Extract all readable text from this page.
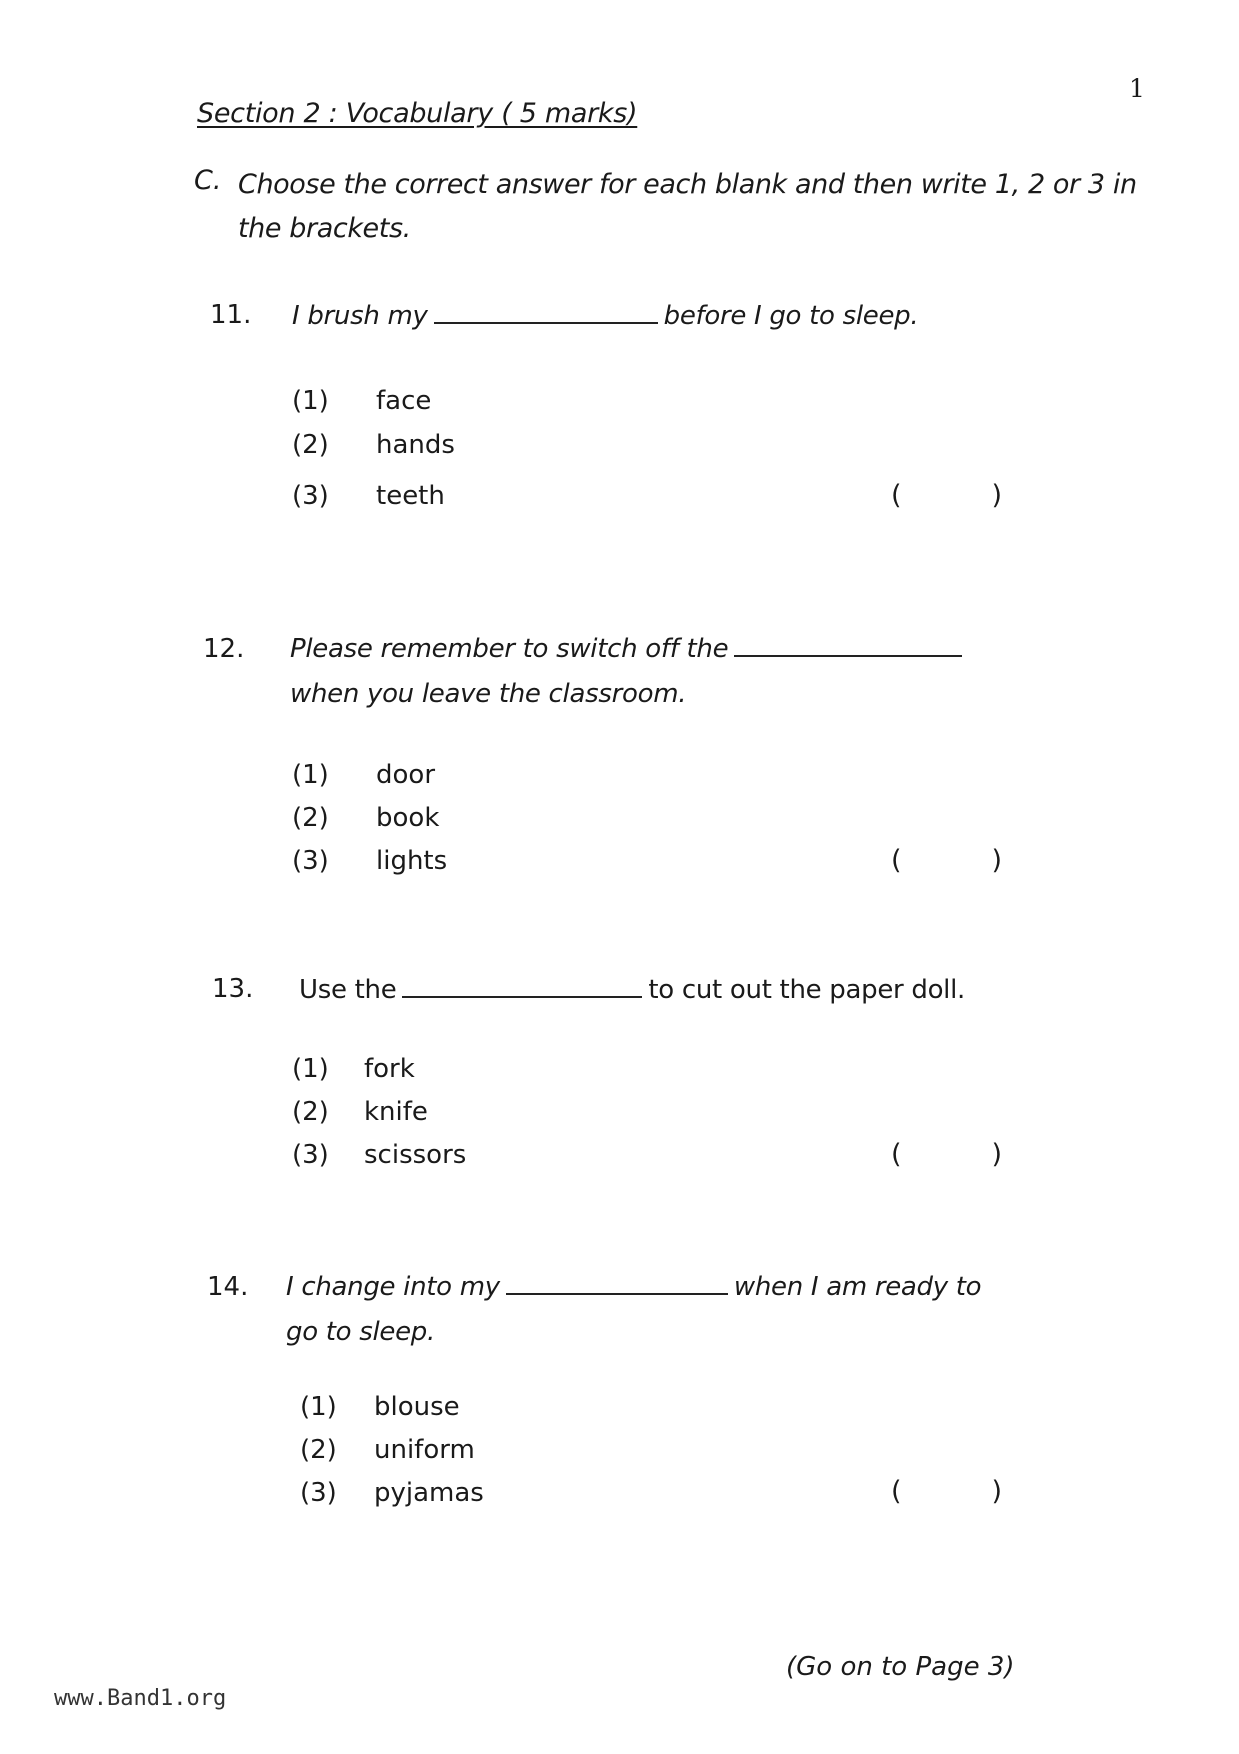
1
Section 2 : Vocabulary ( 5 marks)
C. Choose the correct answer for each blank and then write 1, 2 or 3 in the brackets.
11. I brush my	before I go to sleep.
(1) face
(2) hands
(3) teeth	(	)
12. Please remember to switch off the
when you leave the classroom.
(1) door
(2) book
(3) lights	(	)
13. Use the	to cut out the paper doll.
(1) fork
(2) knife
(3) scissors	(	)
14. I change into my	when I am ready to
go to sleep.
(1) blouse
(2) uniform
(3) pyjamas	(	)
(Go on to Page 3)
www.Band1.org
